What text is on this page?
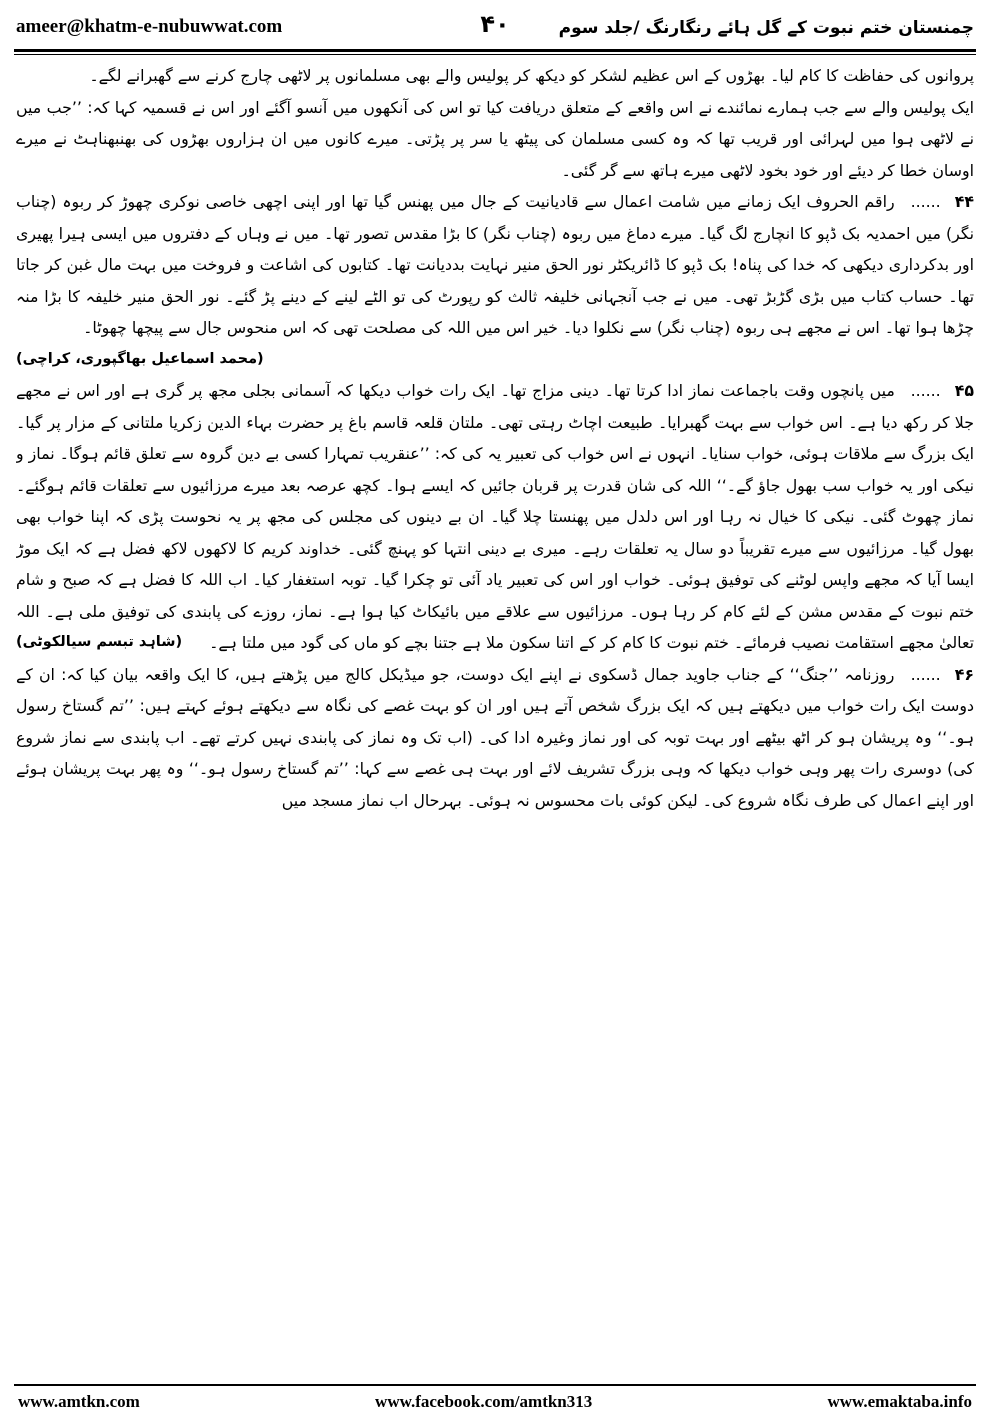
ameer@khatm-e-nubuwwat.com	۴۰	چمنستان ختم نبوت کے گل ہائے رنگارنگ /جلد سوم

پروانوں کی حفاظت کا کام لیا۔ بھڑوں کے اس عظیم لشکر کو دیکھ کر پولیس والے بھی مسلمانوں پر لاٹھی چارج کرنے سے گھبرانے لگے۔

ایک پولیس والے سے جب ہمارے نمائندے نے اس واقعے کے متعلق دریافت کیا تو اس کی آنکھوں میں آنسو آگئے اور اس نے قسمیہ کہا کہ: ’’جب میں نے لاٹھی ہوا میں لہرائی اور قریب تھا کہ وہ کسی مسلمان کی پیٹھ یا سر پر پڑتی۔ میرے کانوں میں ان ہزاروں بھڑوں کی بھنبھناہٹ نے میرے اوسان خطا کر دیئے اور خود بخود لاٹھی میرے ہاتھ سے گر گئی۔

۴۴...... راقم الحروف ایک زمانے میں شامت اعمال سے قادیانیت کے جال میں پھنس گیا تھا اور اپنی اچھی خاصی نوکری چھوڑ کر ربوہ (چناب نگر) میں احمدیہ بک ڈپو کا انچارج لگ گیا۔ میرے دماغ میں ربوہ (چناب نگر) کا بڑا مقدس تصور تھا۔ میں نے وہاں کے دفتروں میں ایسی ہیرا پھیری اور بدکرداری دیکھی کہ خدا کی پناہ! بک ڈپو کا ڈائریکٹر نور الحق منیر نہایت بددیانت تھا۔ کتابوں کی اشاعت و فروخت میں بہت مال غبن کر جاتا تھا۔ حساب کتاب میں بڑی گڑبڑ تھی۔ میں نے جب آنجہانی خلیفہ ثالث کو رپورٹ کی تو الٹے لینے کے دینے پڑ گئے۔ نور الحق منیر خلیفہ کا بڑا منہ چڑھا ہوا تھا۔ اس نے مجھے ہی ربوہ (چناب نگر) سے نکلوا دیا۔ خیر اس میں اللہ کی مصلحت تھی کہ اس منحوس جال سے پیچھا چھوٹا۔
(محمد اسماعیل بھاگپوری، کراچی)

۴۵...... میں پانچوں وقت باجماعت نماز ادا کرتا تھا۔ دینی مزاج تھا۔ ایک رات خواب دیکھا کہ آسمانی بجلی مجھ پر گری ہے اور اس نے مجھے جلا کر رکھ دیا ہے۔ اس خواب سے بہت گھبرایا۔ طبیعت اچاٹ رہتی تھی۔ ملتان قلعہ قاسم باغ پر حضرت بہاء الدین زکریا ملتانی کے مزار پر گیا۔ ایک بزرگ سے ملاقات ہوئی، خواب سنایا۔ انہوں نے اس خواب کی تعبیر یہ کی کہ: ’’عنقریب تمہارا کسی بے دین گروہ سے تعلق قائم ہوگا۔ نماز و نیکی اور یہ خواب سب بھول جاؤ گے۔‘‘ اللہ کی شان قدرت پر قربان جائیں کہ ایسے ہوا۔ کچھ عرصہ بعد میرے مرزائیوں سے تعلقات قائم ہوگئے۔ نماز چھوٹ گئی۔ نیکی کا خیال نہ رہا اور اس دلدل میں پھنستا چلا گیا۔ ان بے دینوں کی مجلس کی مجھ پر یہ نحوست پڑی کہ اپنا خواب بھی بھول گیا۔ مرزائیوں سے میرے تقریباً دو سال یہ تعلقات رہے۔ میری بے دینی انتہا کو پہنچ گئی۔ خداوند کریم کا لاکھوں لاکھ فضل ہے کہ ایک موڑ ایسا آیا کہ مجھے واپس لوٹنے کی توفیق ہوئی۔ خواب اور اس کی تعبیر یاد آئی تو چکرا گیا۔ توبہ استغفار کیا۔ اب اللہ کا فضل ہے کہ صبح و شام ختم نبوت کے مقدس مشن کے لئے کام کر رہا ہوں۔ مرزائیوں سے علاقے میں بائیکاٹ کیا ہوا ہے۔ نماز، روزے کی پابندی کی توفیق ملی ہے۔ اللہ تعالیٰ مجھے استقامت نصیب فرمائے۔ ختم نبوت کا کام کر کے اتنا سکون ملا ہے جتنا بچے کو ماں کی گود میں ملتا ہے۔
(شاہد تبسم سیالکوٹی)

۴۶...... روزنامہ ’’جنگ‘‘ کے جناب جاوید جمال ڈسکوی نے اپنے ایک دوست، جو میڈیکل کالج میں پڑھتے ہیں، کا ایک واقعہ بیان کیا کہ: ان کے دوست ایک رات خواب میں دیکھتے ہیں کہ ایک بزرگ شخص آتے ہیں اور ان کو بہت غصے کی نگاہ سے دیکھتے ہوئے کہتے ہیں: ’’تم گستاخ رسول ہو۔‘‘ وہ پریشان ہو کر اٹھ بیٹھے اور بہت توبہ کی اور نماز وغیرہ ادا کی۔ (اب تک وہ نماز کی پابندی نہیں کرتے تھے۔ اب پابندی سے نماز شروع کی) دوسری رات پھر وہی خواب دیکھا کہ وہی بزرگ تشریف لائے اور بہت ہی غصے سے کہا: ’’تم گستاخ رسول ہو۔‘‘ وہ پھر بہت پریشان ہوئے اور اپنے اعمال کی طرف نگاہ شروع کی۔ لیکن کوئی بات محسوس نہ ہوئی۔ بہرحال اب نماز مسجد میں

www.amtkn.com	www.facebook.com/amtkn313	www.emaktaba.info
